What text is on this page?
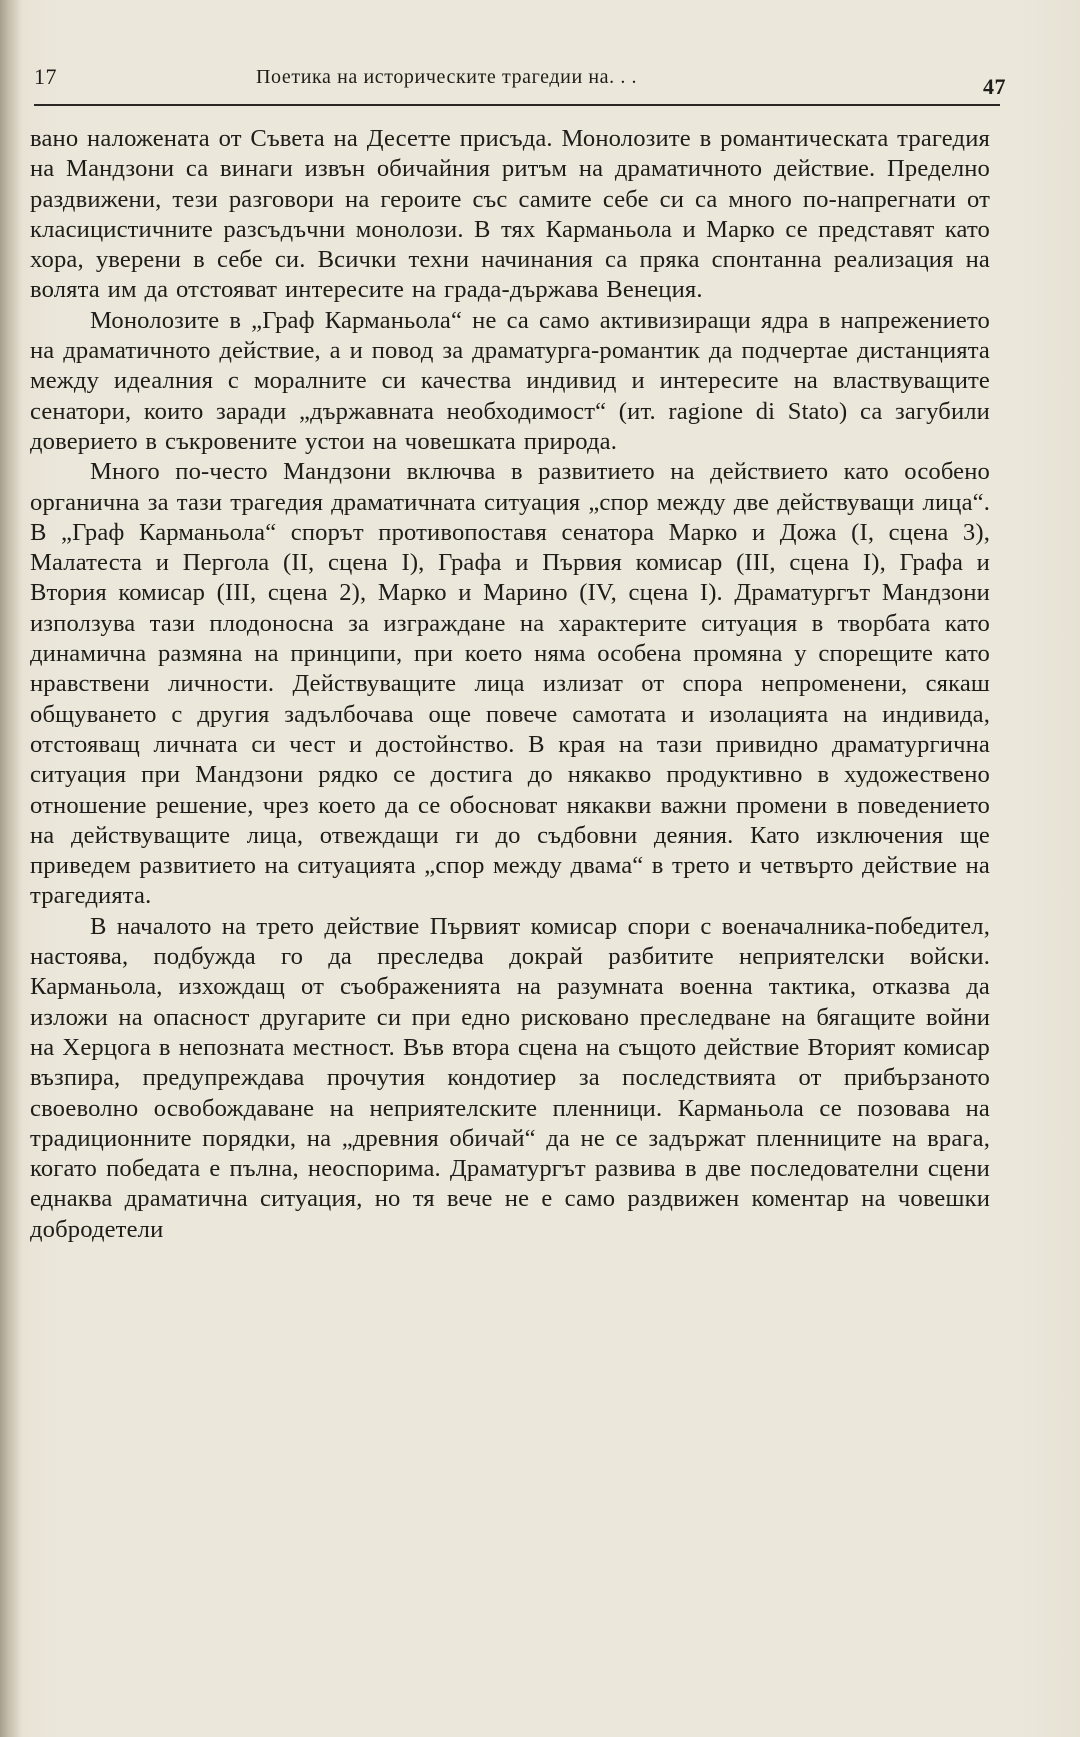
17	Поетика на историческите трагедии на. . .	47

вано наложената от Съвета на Десетте присъда. Монолозите в романтическата трагедия на Мандзони са винаги извън обичайния ритъм на драматичното действие. Пределно раздвижени, тези разговори на героите със самите себе си са много по-напрегнати от класицистичните разсъдъчни монолози. В тях Карманьола и Марко се представят като хора, уверени в себе си. Всички техни начинания са пряка спонтанна реализация на волята им да отстояват интересите на града-държава Венеция.

Монолозите в „Граф Карманьола“ не са само активизиращи ядра в напрежението на драматичното действие, а и повод за драматурга-романтик да подчертае дистанцията между идеалния с моралните си качества индивид и интересите на властвуващите сенатори, които заради „държавната необходимост“ (ит. ragione di Stato) са загубили доверието в съкровените устои на човешката природа.

Много по-често Мандзони включва в развитието на действието като особено органична за тази трагедия драматичната ситуация „спор между две действуващи лица“. В „Граф Карманьола“ спорът противопоставя сенатора Марко и Дожа (I, сцена 3), Малатеста и Пергола (II, сцена I), Графа и Първия комисар (III, сцена I), Графа и Втория комисар (III, сцена 2), Марко и Марино (IV, сцена I). Драматургът Мандзони използува тази плодоносна за изграждане на характерите ситуация в творбата като динамична размяна на принципи, при което няма особена промяна у спорещите като нравствени личности. Действуващите лица излизат от спора непроменени, сякаш общуването с другия задълбочава още повече самотата и изолацията на индивида, отстояващ личната си чест и достойнство. В края на тази привидно драматургична ситуация при Мандзони рядко се достига до някакво продуктивно в художествено отношение решение, чрез което да се обосноват някакви важни промени в поведението на действуващите лица, отвеждащи ги до съдбовни деяния. Като изключения ще приведем развитието на ситуацията „спор между двама“ в трето и четвърто действие на трагедията.

В началото на трето действие Първият комисар спори с военачалника-победител, настоява, подбужда го да преследва докрай разбитите неприятелски войски. Карманьола, изхождащ от съображенията на разумната военна тактика, отказва да изложи на опасност другарите си при едно рисковано преследване на бягащите войни на Херцога в непозната местност. Във втора сцена на същото действие Вторият комисар възпира, предупреждава прочутия кондотиер за последствията от прибързаното своеволно освобождаване на неприятелските пленници. Карманьола се позовава на традиционните порядки, на „древния обичай“ да не се задържат пленниците на врага, когато победата е пълна, неоспорима. Драматургът развива в две последователни сцени еднаква драматична ситуация, но тя вече не е само раздвижен коментар на човешки добродетели
